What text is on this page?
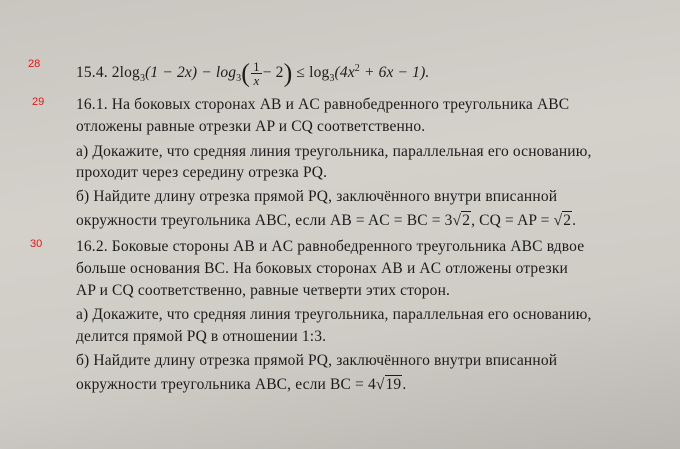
28
29
30
15.4. $2\log_3(1 - 2x) - \log_3( \frac{1}{x} - 2) \le \log_3(4x^2 + 6x - 1)$.
16.1. На боковых сторонах AB и AC равнобедренного треугольника ABC
отложены равные отрезки AP и CQ соответственно.
а) Докажите, что средняя линия треугольника, параллельная его основанию,
проходит через середину отрезка PQ.
б) Найдите длину отрезка прямой PQ, заключённого внутри вписанной
окружности треугольника ABC, если AB = AC = BC = 3√2, CQ = AP = √2.
16.2. Боковые стороны AB и AC равнобедренного треугольника ABC вдвое
больше основания BC. На боковых сторонах AB и AC отложены отрезки
AP и CQ соответственно, равные четверти этих сторон.
а) Докажите, что средняя линия треугольника, параллельная его основанию,
делится прямой PQ в отношении 1:3.
б) Найдите длину отрезка прямой PQ, заключённого внутри вписанной
окружности треугольника ABC, если BC = 4√19.
